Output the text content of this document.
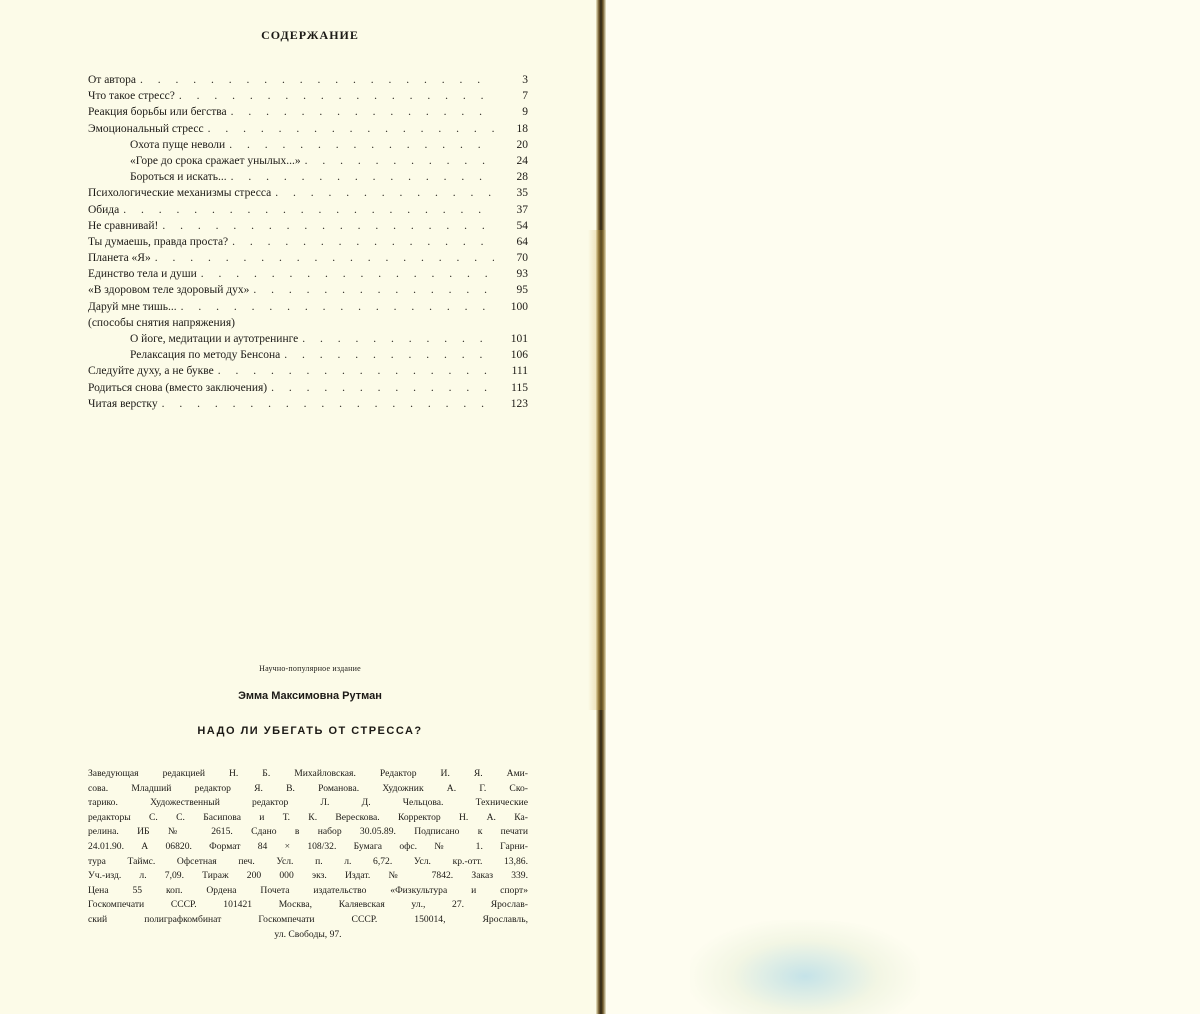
СОДЕРЖАНИЕ
От автора . . .	3
Что такое стресс? . . .	7
Реакция борьбы или бегства . . .	9
Эмоциональный стресс . . .	18
Охота пуще неволи . . .	20
«Горе до срока сражает унылых...» . . .	24
Бороться и искать... . . .	28
Психологические механизмы стресса . . .	35
Обида . . .	37
Не сравнивай! . . .	54
Ты думаешь, правда проста? . . .	64
Планета «Я» . . .	70
Единство тела и души . . .	93
«В здоровом теле здоровый дух» . . .	95
Даруй мне тишь... . . .	100
(способы снятия напряжения)
О йоге, медитации и аутотренинге . . .	101
Релаксация по методу Бенсона . . .	106
Следуйте духу, а не букве . . .	111
Родиться снова (вместо заключения) . . .	115
Читая верстку . . .	123
Научно-популярное издание
Эмма Максимовна Рутман
НАДО ЛИ УБЕГАТЬ ОТ СТРЕССА?
Заведующая редакцией Н. Б. Михайловская. Редактор И. Я. Ами-
сова. Младший редактор Я. В. Романова. Художник А. Г. Ско-
тарико. Художественный редактор Л. Д. Чельцова. Технические
редакторы С. С. Басипова и Т. К. Верескова. Корректор Н. А. Ка-
релина. ИБ № 2615. Сдано в набор 30.05.89. Подписано к печати
24.01.90. А 06820. Формат 84 × 108/32. Бумага офс. № 1. Гарни-
тура Таймс. Офсетная печ. Усл. п. л. 6,72. Усл. кр.-отт. 13,86.
Уч.-изд. л. 7,09. Тираж 200 000 экз. Издат. № 7842. Заказ 339.
Цена 55 коп. Ордена Почета издательство «Физкультура и спорт»
Госкомпечати СССР. 101421 Москва, Каляевская ул., 27. Ярослав-
ский полиграфкомбинат Госкомпечати СССР. 150014, Ярославль,
ул. Свободы, 97.
